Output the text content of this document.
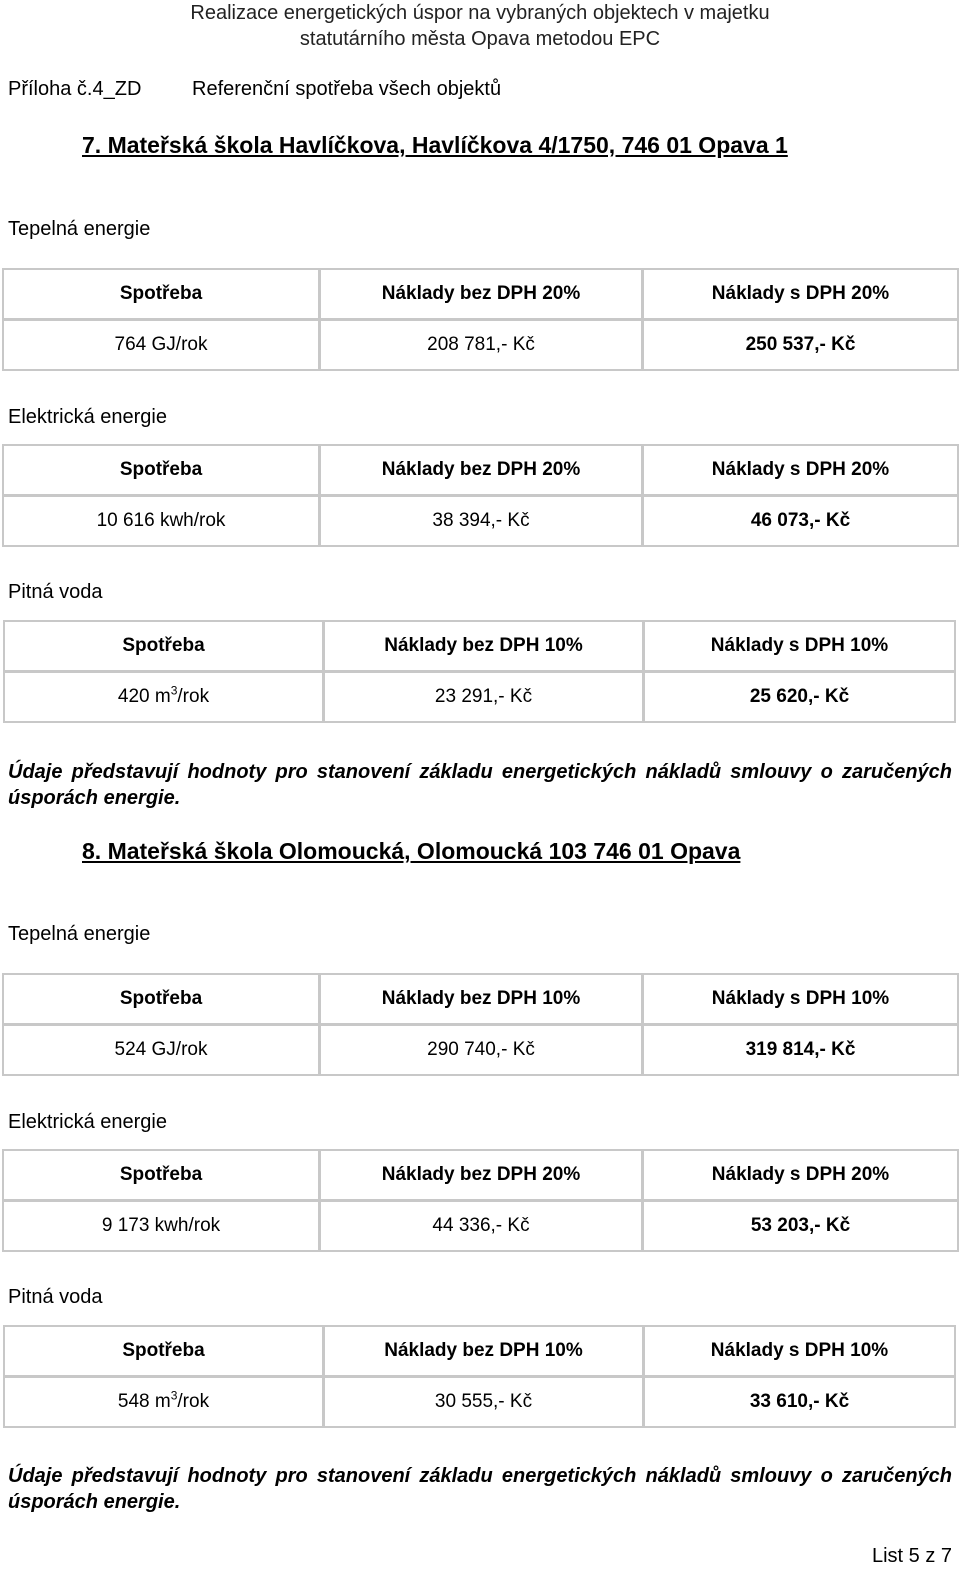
Realizace energetických úspor na vybraných objektech v majetku
statutárního města Opava metodou EPC
Příloha č.4_ZD	Referenční spotřeba všech objektů
7. Mateřská škola Havlíčkova, Havlíčkova 4/1750, 746 01 Opava 1
Tepelná energie
Spotřeba	Náklady bez DPH 20%	Náklady s DPH 20%
764 GJ/rok	208 781,- Kč	250 537,- Kč
Elektrická energie
Spotřeba	Náklady bez DPH 20%	Náklady s DPH 20%
10 616 kwh/rok	38 394,- Kč	46 073,- Kč
Pitná voda
Spotřeba	Náklady bez DPH 10%	Náklady s DPH 10%
420 $m^3$/rok	23 291,- Kč	25 620,- Kč
Údaje představují hodnoty pro stanovení základu energetických nákladů smlouvy o zaručených úsporách energie.
8. Mateřská škola Olomoucká, Olomoucká 103 746 01 Opava
Tepelná energie
Spotřeba	Náklady bez DPH 10%	Náklady s DPH 10%
524 GJ/rok	290 740,- Kč	319 814,- Kč
Elektrická energie
Spotřeba	Náklady bez DPH 20%	Náklady s DPH 20%
9 173 kwh/rok	44 336,- Kč	53 203,- Kč
Pitná voda
Spotřeba	Náklady bez DPH 10%	Náklady s DPH 10%
548 $m^3$/rok	30 555,- Kč	33 610,- Kč
Údaje představují hodnoty pro stanovení základu energetických nákladů smlouvy o zaručených úsporách energie.
List 5 z 7
